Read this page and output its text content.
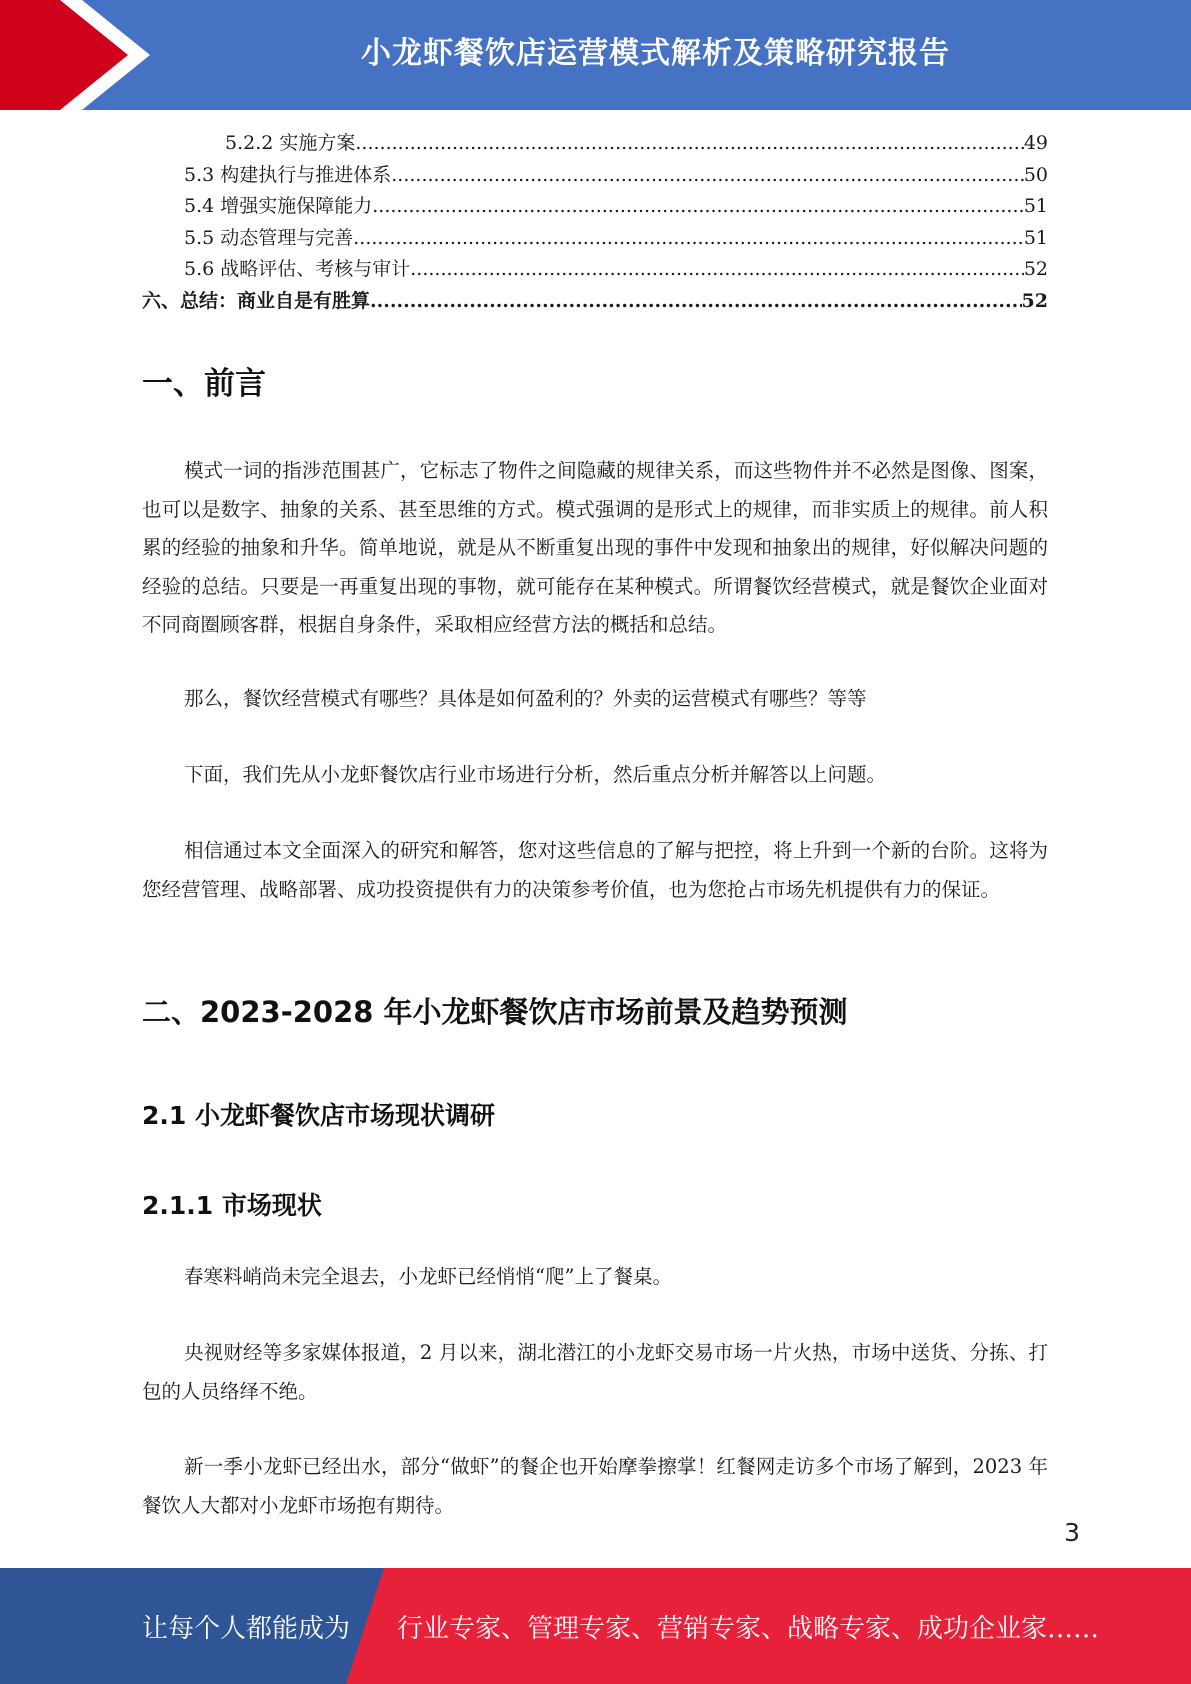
小龙虾餐饮店运营模式解析及策略研究报告
5.2.2 实施方案 .....	49
5.3 构建执行与推进体系 .....	50
5.4 增强实施保障能力 .....	51
5.5 动态管理与完善 .....	51
5.6 战略评估、考核与审计 .....	52
六、总结：商业自是有胜算 .....	52
一、前言

模式一词的指涉范围甚广，它标志了物件之间隐藏的规律关系，而这些物件并不必然是图像、图案，也可以是数字、抽象的关系、甚至思维的方式。模式强调的是形式上的规律，而非实质上的规律。前人积累的经验的抽象和升华。简单地说，就是从不断重复出现的事件中发现和抽象出的规律，好似解决问题的经验的总结。只要是一再重复出现的事物，就可能存在某种模式。所谓餐饮经营模式，就是餐饮企业面对不同商圈顾客群，根据自身条件，采取相应经营方法的概括和总结。

那么，餐饮经营模式有哪些？具体是如何盈利的？外卖的运营模式有哪些？等等

下面，我们先从小龙虾餐饮店行业市场进行分析，然后重点分析并解答以上问题。

相信通过本文全面深入的研究和解答，您对这些信息的了解与把控，将上升到一个新的台阶。这将为您经营管理、战略部署、成功投资提供有力的决策参考价值，也为您抢占市场先机提供有力的保证。

二、2023-2028 年小龙虾餐饮店市场前景及趋势预测
2.1 小龙虾餐饮店市场现状调研
2.1.1 市场现状

春寒料峭尚未完全退去，小龙虾已经悄悄“爬”上了餐桌。

央视财经等多家媒体报道，2 月以来，湖北潜江的小龙虾交易市场一片火热，市场中送货、分拣、打包的人员络绎不绝。

新一季小龙虾已经出水，部分“做虾”的餐企也开始摩拳擦掌！红餐网走访多个市场了解到，2023 年餐饮人大都对小龙虾市场抱有期待。

3
让每个人都能成为 行业专家、管理专家、营销专家、战略专家、成功企业家……
